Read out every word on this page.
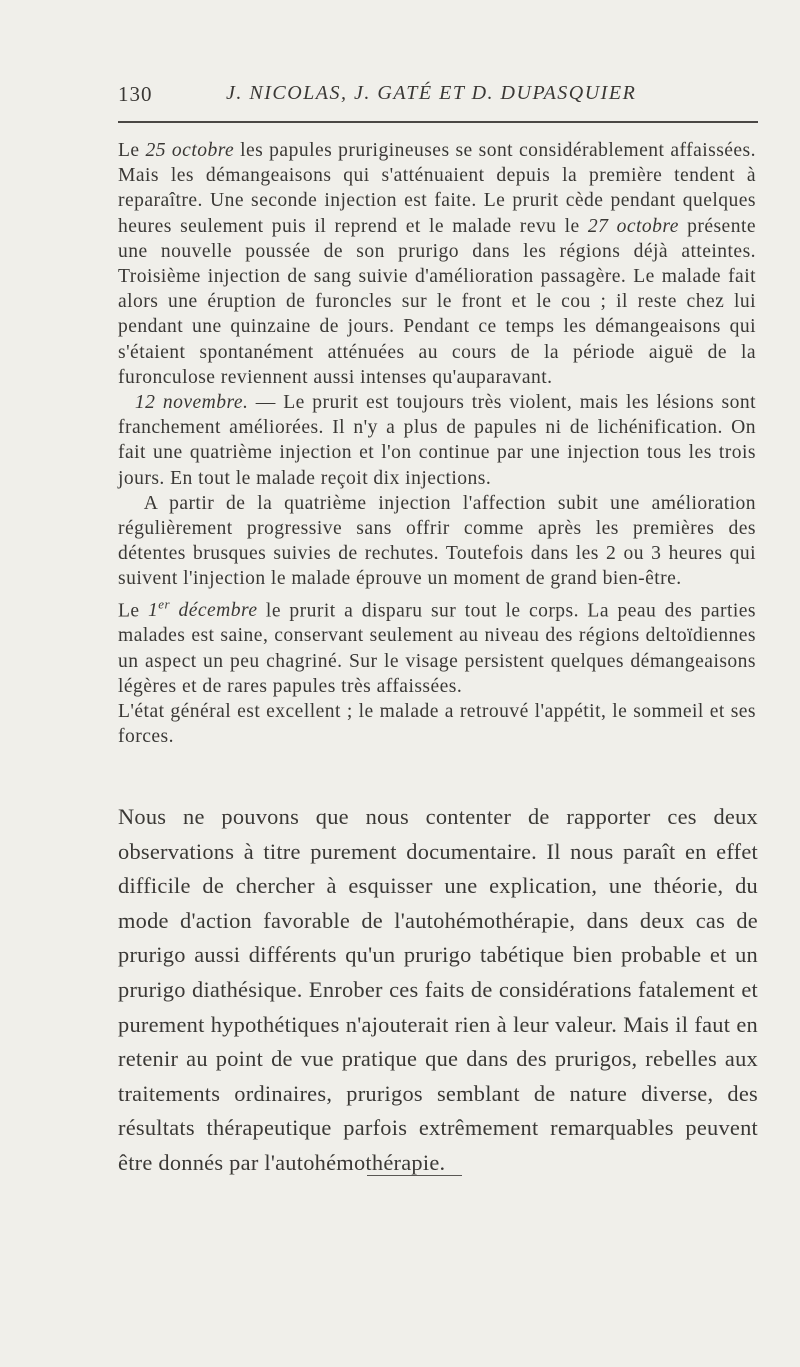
130	J. NICOLAS, J. GATÉ ET D. DUPASQUIER

Le 25 octobre les papules prurigineuses se sont considérablement affaissées. Mais les démangeaisons qui s'atténuaient depuis la première tendent à reparaître. Une seconde injection est faite. Le prurit cède pendant quelques heures seulement puis il reprend et le malade revu le 27 octobre présente une nouvelle poussée de son prurigo dans les régions déjà atteintes. Troisième injection de sang suivie d'amélioration passagère. Le malade fait alors une éruption de furoncles sur le front et le cou ; il reste chez lui pendant une quinzaine de jours. Pendant ce temps les démangeaisons qui s'étaient spontanément atténuées au cours de la période aiguë de la furonculose reviennent aussi intenses qu'auparavant.

12 novembre. — Le prurit est toujours très violent, mais les lésions sont franchement améliorées. Il n'y a plus de papules ni de lichénification. On fait une quatrième injection et l'on continue par une injection tous les trois jours. En tout le malade reçoit dix injections.

A partir de la quatrième injection l'affection subit une amélioration régulièrement progressive sans offrir comme après les premières des détentes brusques suivies de rechutes. Toutefois dans les 2 ou 3 heures qui suivent l'injection le malade éprouve un moment de grand bien-être.

Le 1er décembre le prurit a disparu sur tout le corps. La peau des parties malades est saine, conservant seulement au niveau des régions deltoïdiennes un aspect un peu chagriné. Sur le visage persistent quelques démangeaisons légères et de rares papules très affaissées.

L'état général est excellent ; le malade a retrouvé l'appétit, le sommeil et ses forces.

Nous ne pouvons que nous contenter de rapporter ces deux observations à titre purement documentaire. Il nous paraît en effet difficile de chercher à esquisser une explication, une théorie, du mode d'action favorable de l'autohémothérapie, dans deux cas de prurigo aussi différents qu'un prurigo tabétique bien probable et un prurigo diathésique. Enrober ces faits de considérations fatalement et purement hypothétiques n'ajouterait rien à leur valeur. Mais il faut en retenir au point de vue pratique que dans des prurigos, rebelles aux traitements ordinaires, prurigos semblant de nature diverse, des résultats thérapeutique parfois extrêmement remarquables peuvent être donnés par l'autohémothérapie.
